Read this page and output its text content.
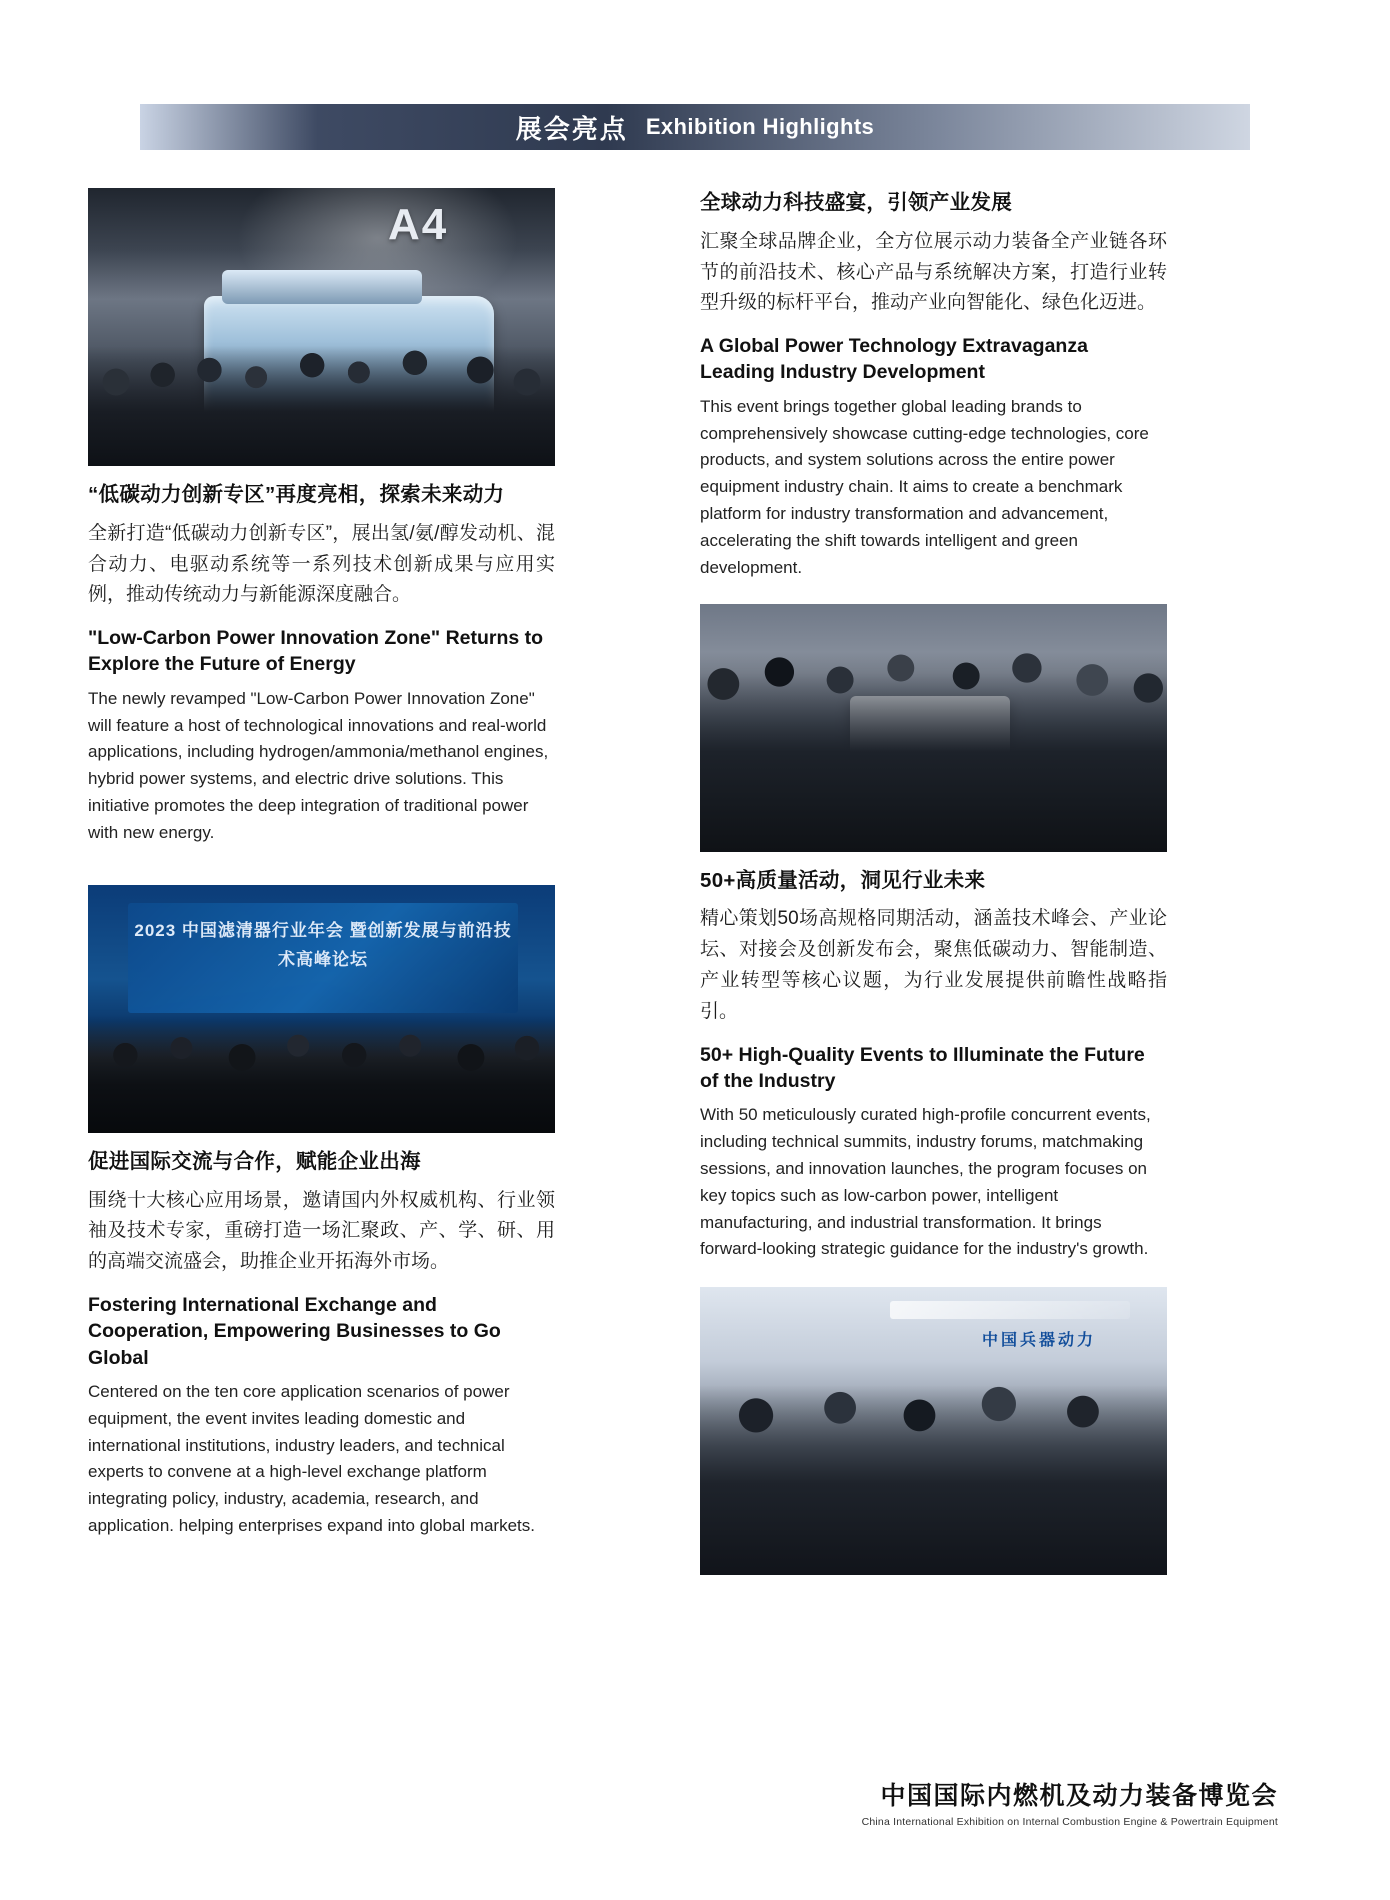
展会亮点 Exhibition Highlights
A4
“低碳动力创新专区”再度亮相，探索未来动力

全新打造“低碳动力创新专区”，展出氢/氨/醇发动机、混合动力、电驱动系统等一系列技术创新成果与应用实例，推动传统动力与新能源深度融合。

"Low-Carbon Power Innovation Zone" Returns to Explore the Future of Energy

The newly revamped "Low-Carbon Power Innovation Zone" will feature a host of technological innovations and real-world applications, including hydrogen/ammonia/methanol engines, hybrid power systems, and electric drive solutions. This initiative promotes the deep integration of traditional power with new energy.

2023 中国滤清器行业年会 暨创新发展与前沿技术高峰论坛
促进国际交流与合作，赋能企业出海

围绕十大核心应用场景，邀请国内外权威机构、行业领袖及技术专家，重磅打造一场汇聚政、产、学、研、用的高端交流盛会，助推企业开拓海外市场。

Fostering International Exchange and Cooperation, Empowering Businesses to Go Global

Centered on the ten core application scenarios of power equipment, the event invites leading domestic and international institutions, industry leaders, and technical experts to convene at a high-level exchange platform integrating policy, industry, academia, research, and application. helping enterprises expand into global markets.

全球动力科技盛宴，引领产业发展

汇聚全球品牌企业，全方位展示动力装备全产业链各环节的前沿技术、核心产品与系统解决方案，打造行业转型升级的标杆平台，推动产业向智能化、绿色化迈进。

A Global Power Technology Extravaganza Leading Industry Development

This event brings together global leading brands to comprehensively showcase cutting-edge technologies, core products, and system solutions across the entire power equipment industry chain. It aims to create a benchmark platform for industry transformation and advancement, accelerating the shift towards intelligent and green development.

50+高质量活动，洞见行业未来

精心策划50场高规格同期活动，涵盖技术峰会、产业论坛、对接会及创新发布会，聚焦低碳动力、智能制造、产业转型等核心议题，为行业发展提供前瞻性战略指引。

50+ High-Quality Events to Illuminate the Future of the Industry

With 50 meticulously curated high-profile concurrent events, including technical summits, industry forums, matchmaking sessions, and innovation launches, the program focuses on key topics such as low-carbon power, intelligent manufacturing, and industrial transformation. It brings forward-looking strategic guidance for the industry's growth.

中国兵器动力
中国国际内燃机及动力装备博览会
China International Exhibition on Internal Combustion Engine & Powertrain Equipment
